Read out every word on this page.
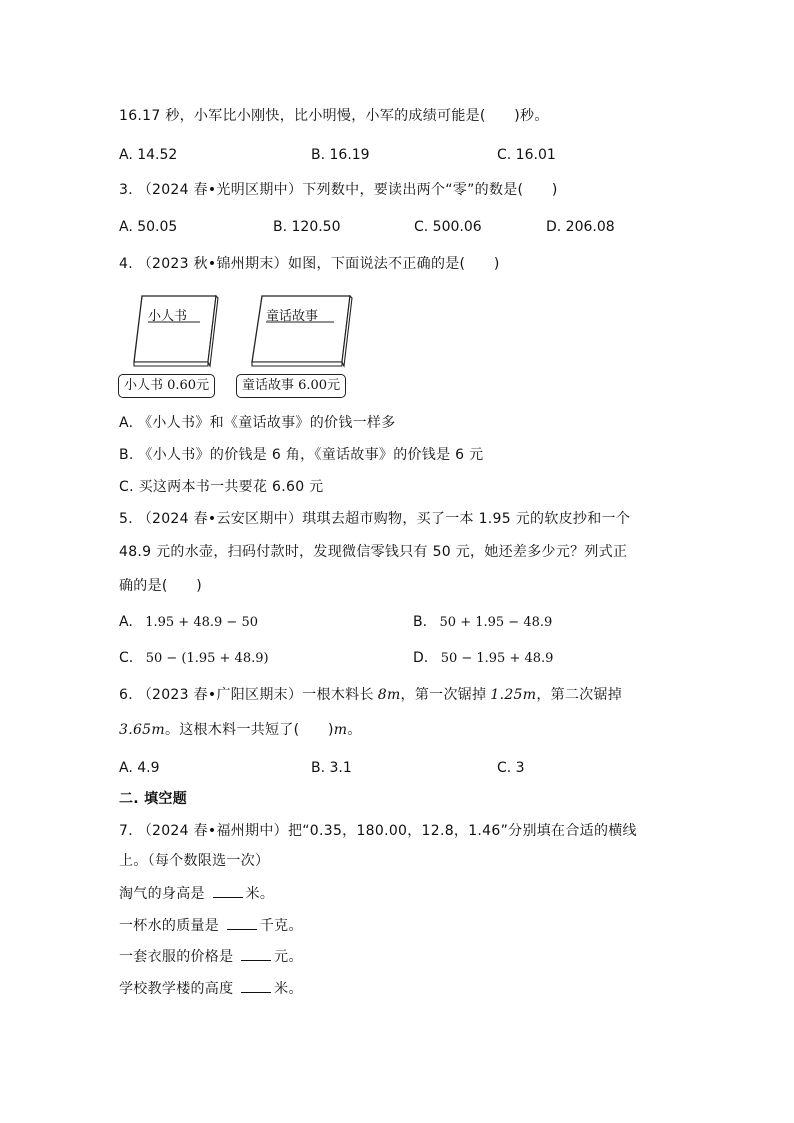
16.17 秒，小军比小刚快，比小明慢，小军的成绩可能是(　　)秒。
A. 14.52	B. 16.19	C. 16.01
3. （2024 春•光明区期中）下列数中，要读出两个“零”的数是(　　)
A. 50.05	B. 120.50	C. 500.06	D. 206.08
4. （2023 秋•锦州期末）如图，下面说法不正确的是(　　)
小人书	童话故事
小人书 0.60元	童话故事 6.00元
A. 《小人书》和《童话故事》的价钱一样多
B. 《小人书》的价钱是 6 角，《童话故事》的价钱是 6 元
C. 买这两本书一共要花 6.60 元
5. （2024 春•云安区期中）琪琪去超市购物，买了一本 1.95 元的软皮抄和一个
48.9 元的水壶，扫码付款时，发现微信零钱只有 50 元，她还差多少元？列式正
确的是(　　)
A. 1.95 + 48.9 − 50	B. 50 + 1.95 − 48.9
C. 50 − (1.95 + 48.9)	D. 50 − 1.95 + 48.9
6. （2023 春•广阳区期末）一根木料长 8m，第一次锯掉 1.25m，第二次锯掉
3.65m。这根木料一共短了(　　)m。
A. 4.9	B. 3.1	C. 3
二. 填空题
7. （2024 春•福州期中）把“0.35，180.00，12.8，1.46”分别填在合适的横线
上。（每个数限选一次）
淘气的身高是	米。
一杯水的质量是	千克。
一套衣服的价格是	元。
学校教学楼的高度	米。
